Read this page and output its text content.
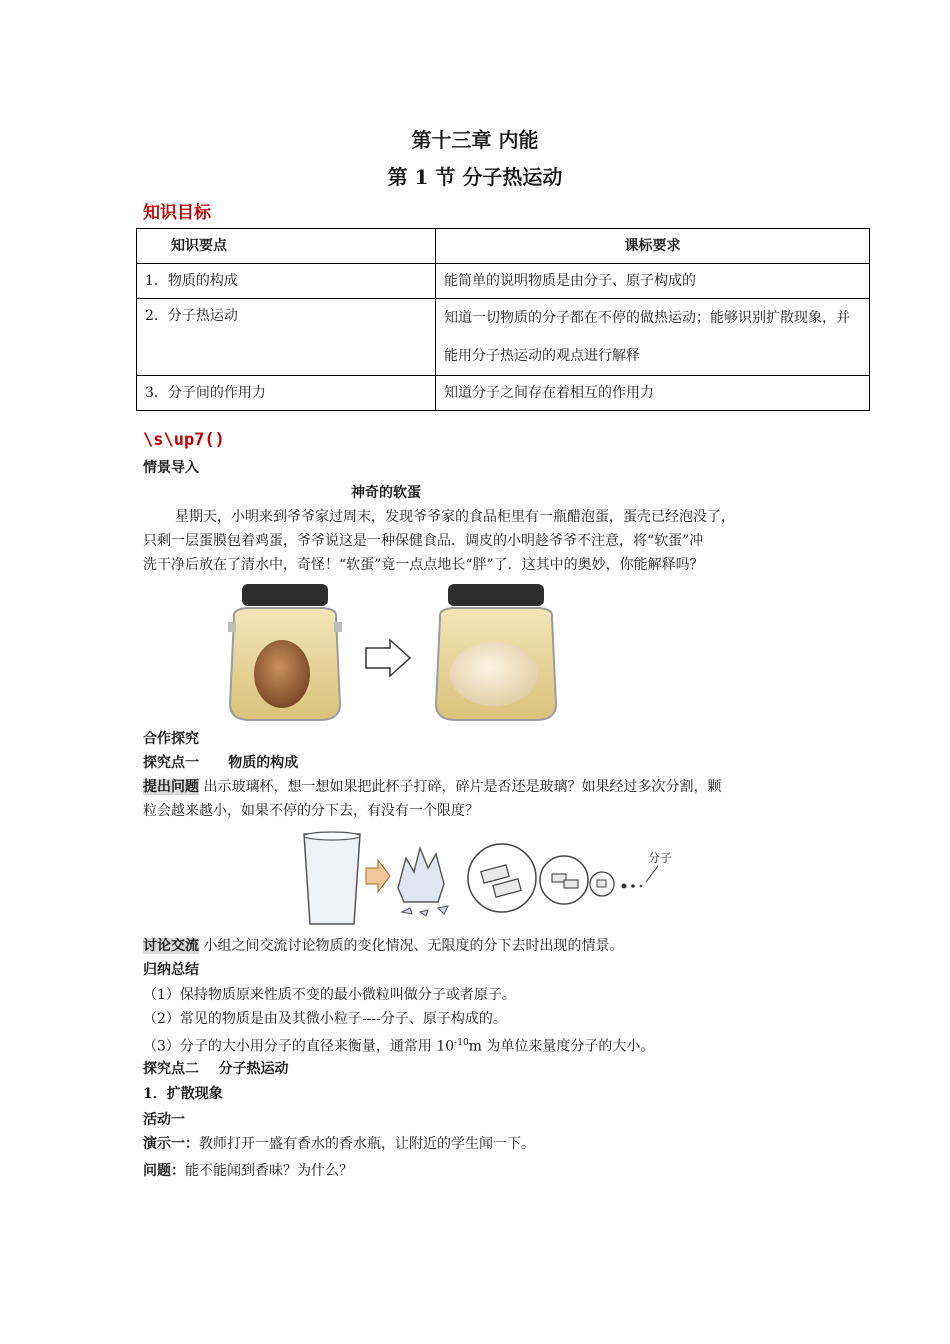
第十三章 内能
第 1 节 分子热运动
知识目标
知识要点	课标要求
1．物质的构成	能简单的说明物质是由分子、原子构成的
2．分子热运动	知道一切物质的分子都在不停的做热运动；能够识别扩散现象，并能用分子热运动的观点进行解释
3．分子间的作用力	知道分子之间存在着相互的作用力
\s\up7()
情景导入
神奇的软蛋
星期天，小明来到爷爷家过周末，发现爷爷家的食品柜里有一瓶醋泡蛋，蛋壳已经泡没了，
只剩一层蛋膜包着鸡蛋，爷爷说这是一种保健食品．调皮的小明趁爷爷不注意，将“软蛋”冲
洗干净后放在了清水中，奇怪！“软蛋”竟一点点地长“胖”了．这其中的奥妙，你能解释吗？
合作探究
探究点一      物质的构成
提出问题 出示玻璃杯，想一想如果把此杯子打碎，碎片是否还是玻璃？如果经过多次分割，颗
粒会越来越小，如果不停的分下去，有没有一个限度？
分子
讨论交流 小组之间交流讨论物质的变化情况、无限度的分下去时出现的情景。
归纳总结
（1）保持物质原来性质不变的最小微粒叫做分子或者原子。
（2）常见的物质是由及其微小粒子----分子、原子构成的。
（3）分子的大小用分子的直径来衡量，通常用 $10^{-10}m$ 为单位来量度分子的大小。
探究点二    分子热运动
1．扩散现象
活动一
演示一：教师打开一盛有香水的香水瓶，让附近的学生闻一下。
问题：能不能闻到香味？为什么？
